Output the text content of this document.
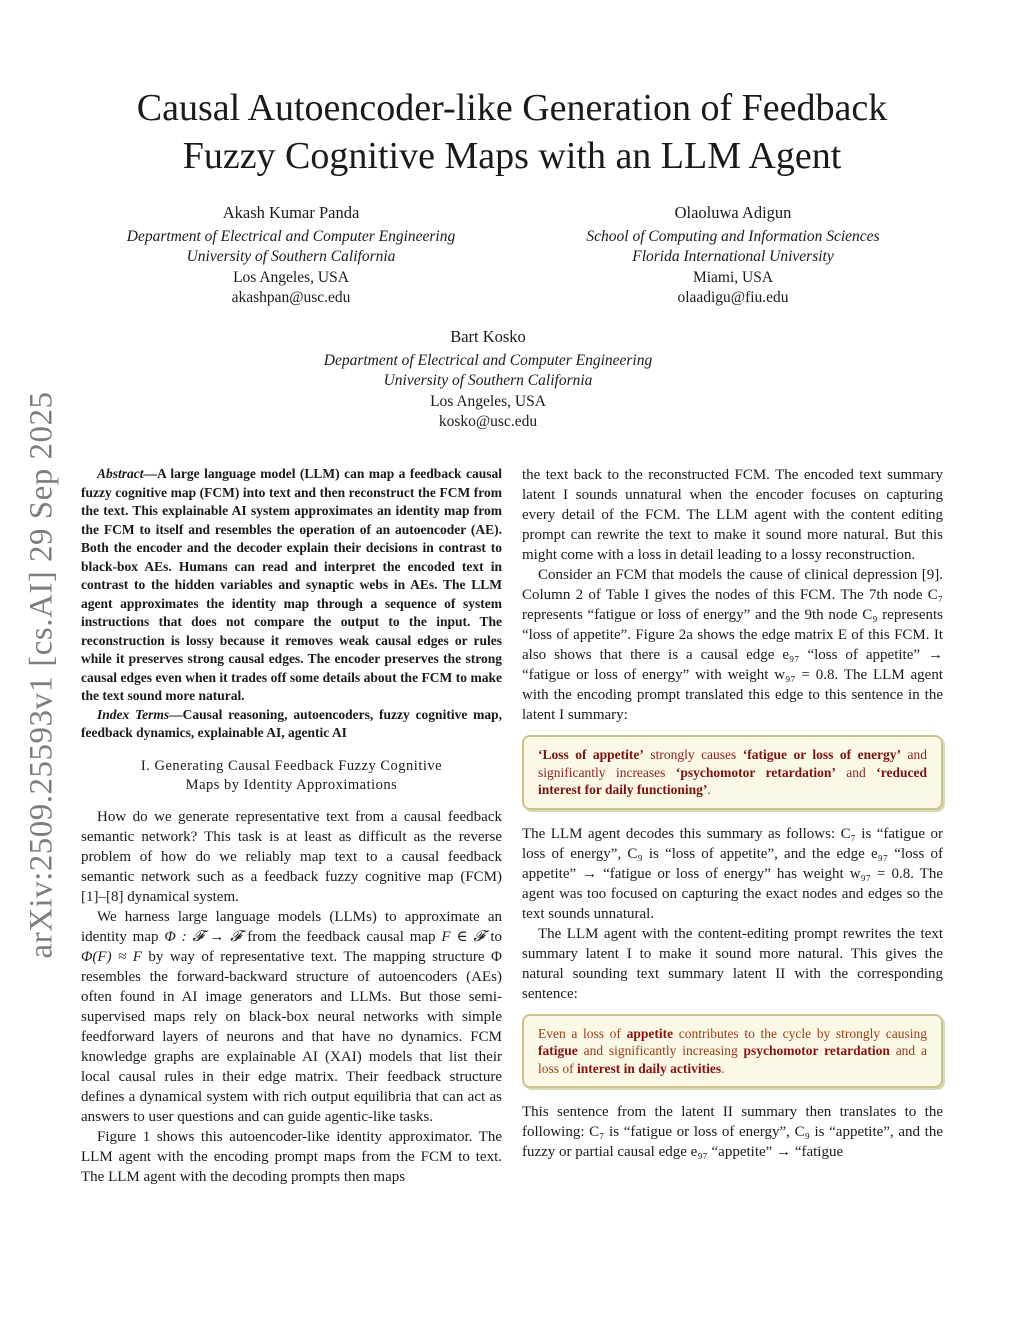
arXiv:2509.25593v1 [cs.AI] 29 Sep 2025
Causal Autoencoder-like Generation of Feedback
Fuzzy Cognitive Maps with an LLM Agent
Akash Kumar Panda
Department of Electrical and Computer Engineering
University of Southern California
Los Angeles, USA
akashpan@usc.edu
Olaoluwa Adigun
School of Computing and Information Sciences
Florida International University
Miami, USA
olaadigu@fiu.edu
Bart Kosko
Department of Electrical and Computer Engineering
University of Southern California
Los Angeles, USA
kosko@usc.edu

Abstract—A large language model (LLM) can map a feedback causal fuzzy cognitive map (FCM) into text and then reconstruct the FCM from the text. This explainable AI system approximates an identity map from the FCM to itself and resembles the operation of an autoencoder (AE). Both the encoder and the decoder explain their decisions in contrast to black-box AEs. Humans can read and interpret the encoded text in contrast to the hidden variables and synaptic webs in AEs. The LLM agent approximates the identity map through a sequence of system instructions that does not compare the output to the input. The reconstruction is lossy because it removes weak causal edges or rules while it preserves strong causal edges. The encoder preserves the strong causal edges even when it trades off some details about the FCM to make the text sound more natural.

Index Terms—Causal reasoning, autoencoders, fuzzy cognitive map, feedback dynamics, explainable AI, agentic AI

I. Generating Causal Feedback Fuzzy Cognitive
Maps by Identity Approximations

How do we generate representative text from a causal feedback semantic network? This task is at least as difficult as the reverse problem of how do we reliably map text to a causal feedback semantic network such as a feedback fuzzy cognitive map (FCM) [1]–[8] dynamical system.

We harness large language models (LLMs) to approximate an identity map Φ : 𝓕 → 𝓕 from the feedback causal map F ∈ 𝓕 to Φ(F) ≈ F by way of representative text. The mapping structure Φ resembles the forward-backward structure of autoencoders (AEs) often found in AI image generators and LLMs. But those semi-supervised maps rely on black-box neural networks with simple feedforward layers of neurons and that have no dynamics. FCM knowledge graphs are explainable AI (XAI) models that list their local causal rules in their edge matrix. Their feedback structure defines a dynamical system with rich output equilibria that can act as answers to user questions and can guide agentic-like tasks.

Figure 1 shows this autoencoder-like identity approximator. The LLM agent with the encoding prompt maps from the FCM to text. The LLM agent with the decoding prompts then maps

the text back to the reconstructed FCM. The encoded text summary latent I sounds unnatural when the encoder focuses on capturing every detail of the FCM. The LLM agent with the content editing prompt can rewrite the text to make it sound more natural. But this might come with a loss in detail leading to a lossy reconstruction.

Consider an FCM that models the cause of clinical depression [9]. Column 2 of Table I gives the nodes of this FCM. The 7th node C₇ represents “fatigue or loss of energy” and the 9th node C₉ represents “loss of appetite”. Figure 2a shows the edge matrix E of this FCM. It also shows that there is a causal edge e₉₇ “loss of appetite” → “fatigue or loss of energy” with weight w₉₇ = 0.8. The LLM agent with the encoding prompt translated this edge to this sentence in the latent I summary:

‘Loss of appetite’ strongly causes ‘fatigue or loss of energy’ and significantly increases ‘psychomotor retardation’ and ‘reduced interest for daily functioning’.

The LLM agent decodes this summary as follows: C₇ is “fatigue or loss of energy”, C₉ is “loss of appetite”, and the edge e₉₇ “loss of appetite” → “fatigue or loss of energy” has weight w₉₇ = 0.8. The agent was too focused on capturing the exact nodes and edges so the text sounds unnatural.

The LLM agent with the content-editing prompt rewrites the text summary latent I to make it sound more natural. This gives the natural sounding text summary latent II with the corresponding sentence:

Even a loss of appetite contributes to the cycle by strongly causing fatigue and significantly increasing psychomotor retardation and a loss of interest in daily activities.

This sentence from the latent II summary then translates to the following: C₇ is “fatigue or loss of energy”, C₉ is “appetite”, and the fuzzy or partial causal edge e₉₇ “appetite” → “fatigue
